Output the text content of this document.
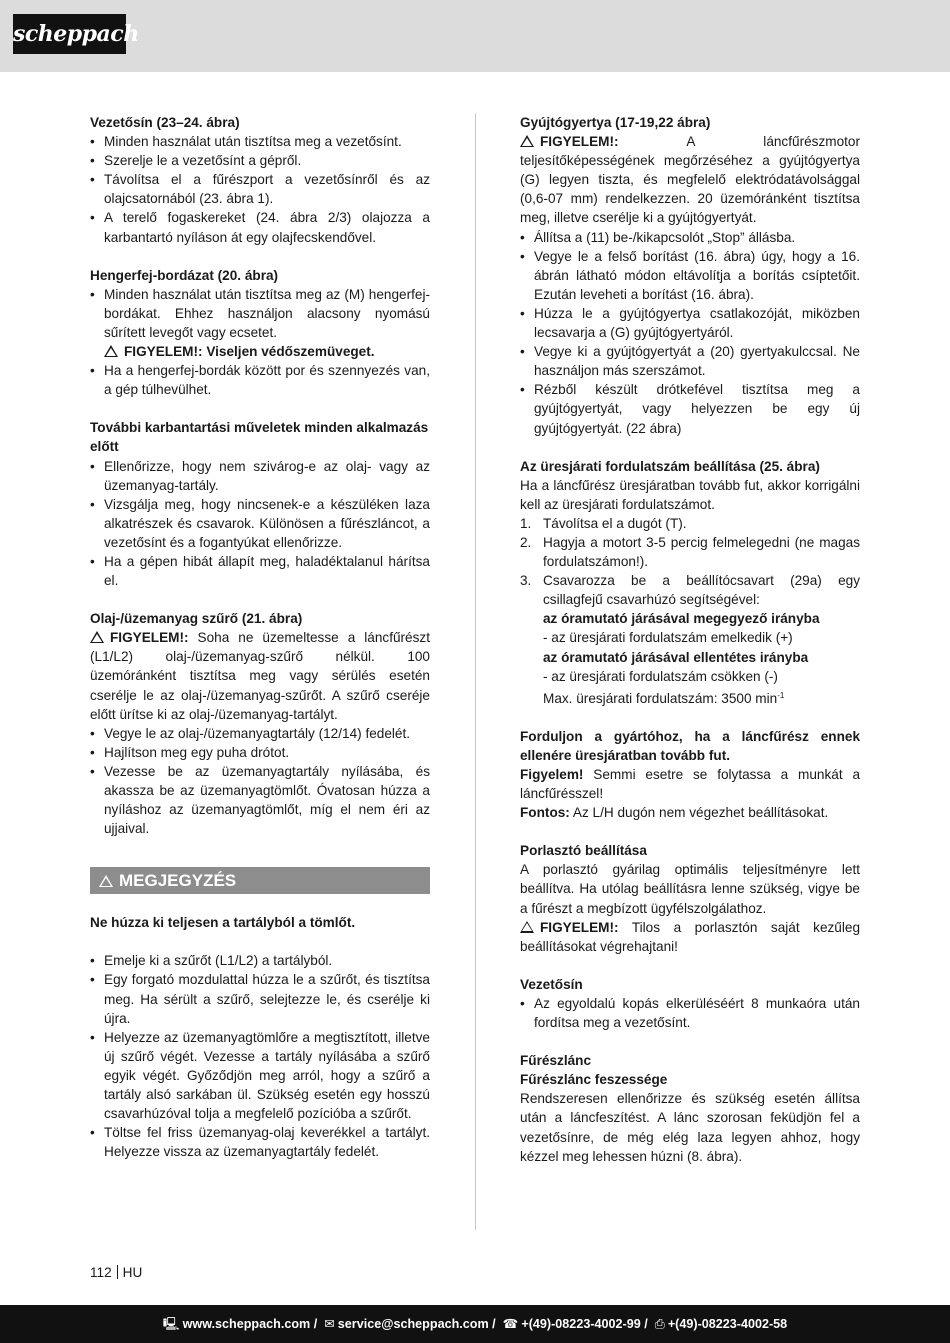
scheppach
Vezetősín (23–24. ábra)
• Minden használat után tisztítsa meg a vezetősínt.
• Szerelje le a vezetősínt a gépről.
• Távolítsa el a fűrészport a vezetősínről és az olajcsatornából (23. ábra 1).
• A terelő fogaskereket (24. ábra 2/3) olajozza a karbantartó nyíláson át egy olajfecskendővel.
Hengerfej-bordázat (20. ábra)
• Minden használat után tisztítsa meg az (M) hengerfej-bordákat. Ehhez használjon alacsony nyomású sűrített levegőt vagy ecsetet.
FIGYELEM!: Viseljen védőszemüveget.
• Ha a hengerfej-bordák között por és szennyezés van, a gép túlhevülhet.
További karbantartási műveletek minden alkalmazás előtt
• Ellenőrizze, hogy nem szivárog-e az olaj- vagy az üzemanyag-tartály.
• Vizsgálja meg, hogy nincsenek-e a készüléken laza alkatrészek és csavarok. Különösen a fűrészláncot, a vezetősínt és a fogantyúkat ellenőrizze.
• Ha a gépen hibát állapít meg, haladéktalanul hárítsa el.
Olaj-/üzemanyag szűrő (21. ábra)

FIGYELEM!: Soha ne üzemeltesse a láncfűrészt (L1/L2) olaj-/üzemanyag-szűrő nélkül. 100 üzemóránként tisztítsa meg vagy sérülés esetén cserélje le az olaj-/üzemanyag-szűrőt. A szűrő cseréje előtt ürítse ki az olaj-/üzemanyag-tartályt.

• Vegye le az olaj-/üzemanyagtartály (12/14) fedelét.
• Hajlítson meg egy puha drótot.
• Vezesse be az üzemanyagtartály nyílásába, és akassza be az üzemanyagtömlőt. Óvatosan húzza a nyíláshoz az üzemanyagtömlőt, míg el nem éri az ujjaival.
MEGJEGYZÉS
Ne húzza ki teljesen a tartályból a tömlőt.
• Emelje ki a szűrőt (L1/L2) a tartályból.
• Egy forgató mozdulattal húzza le a szűrőt, és tisztítsa meg. Ha sérült a szűrő, selejtezze le, és cserélje ki újra.
• Helyezze az üzemanyagtömlőre a megtisztított, illetve új szűrő végét. Vezesse a tartály nyílásába a szűrő egyik végét. Győződjön meg arról, hogy a szűrő a tartály alsó sarkában ül. Szükség esetén egy hosszú csavarhúzóval tolja a megfelelő pozícióba a szűrőt.
• Töltse fel friss üzemanyag-olaj keverékkel a tartályt. Helyezze vissza az üzemanyagtartály fedelét.
Gyújtógyertya (17-19,22 ábra)

FIGYELEM!:	A láncfűrészmotor teljesítőképességének megőrzéséhez a gyújtógyertya (G) legyen tiszta, és megfelelő elektródatávolsággal (0,6-07 mm) rendelkezzen. 20 üzemóránként tisztítsa meg, illetve cserélje ki a gyújtógyertyát.

• Állítsa a (11) be-/kikapcsolót „Stop” állásba.
• Vegye le a felső borítást (16. ábra) úgy, hogy a 16. ábrán látható módon eltávolítja a borítás csíptetőit. Ezután leveheti a borítást (16. ábra).
• Húzza le a gyújtógyertya csatlakozóját, miközben lecsavarja a (G) gyújtógyertyáról.
• Vegye ki a gyújtógyertyát a (20) gyertyakulccsal. Ne használjon más szerszámot.
• Rézből készült drótkefével tisztítsa meg a gyújtógyertyát, vagy helyezzen be egy új gyújtógyertyát. (22 ábra)
Az üresjárati fordulatszám beállítása (25. ábra)

Ha a láncfűrész üresjáratban tovább fut, akkor korrigálni kell az üresjárati fordulatszámot.

1. Távolítsa el a dugót (T).
2. Hagyja a motort 3-5 percig felmelegedni (ne magas fordulatszámon!).
3. Csavarozza be a beállítócsavart (29a) egy csillagfejű csavarhúzó segítségével:
az óramutató járásával megegyező irányba
- az üresjárati fordulatszám emelkedik (+)
az óramutató járásával ellentétes irányba
- az üresjárati fordulatszám csökken (-)
Max. üresjárati fordulatszám: 3500 $\min^{-1}$

Forduljon a gyártóhoz, ha a láncfűrész ennek ellenére üresjáratban tovább fut.

Figyelem! Semmi esetre se folytassa a munkát a láncfűrésszel!

Fontos: Az L/H dugón nem végezhet beállításokat.

Porlasztó beállítása

A porlasztó gyárilag optimális teljesítményre lett beállítva. Ha utólag beállításra lenne szükség, vigye be a fűrészt a megbízott ügyfélszolgálathoz.

FIGYELEM!: Tilos a porlasztón saját kezűleg beállításokat végrehajtani!

Vezetősín
• Az egyoldalú kopás elkerüléséért 8 munkaóra után fordítsa meg a vezetősínt.
Fűrészlánc
Fűrészlánc feszessége

Rendszeresen ellenőrizze és szükség esetén állítsa után a láncfeszítést. A lánc szorosan feküdjön fel a vezetősínre, de még elég laza legyen ahhoz, hogy kézzel meg lehessen húzni (8. ábra).

112 HU
🖳 www.scheppach.com / ✉ service@scheppach.com / ☎ +(49)-08223-4002-99 / ⎙ +(49)-08223-4002-58
